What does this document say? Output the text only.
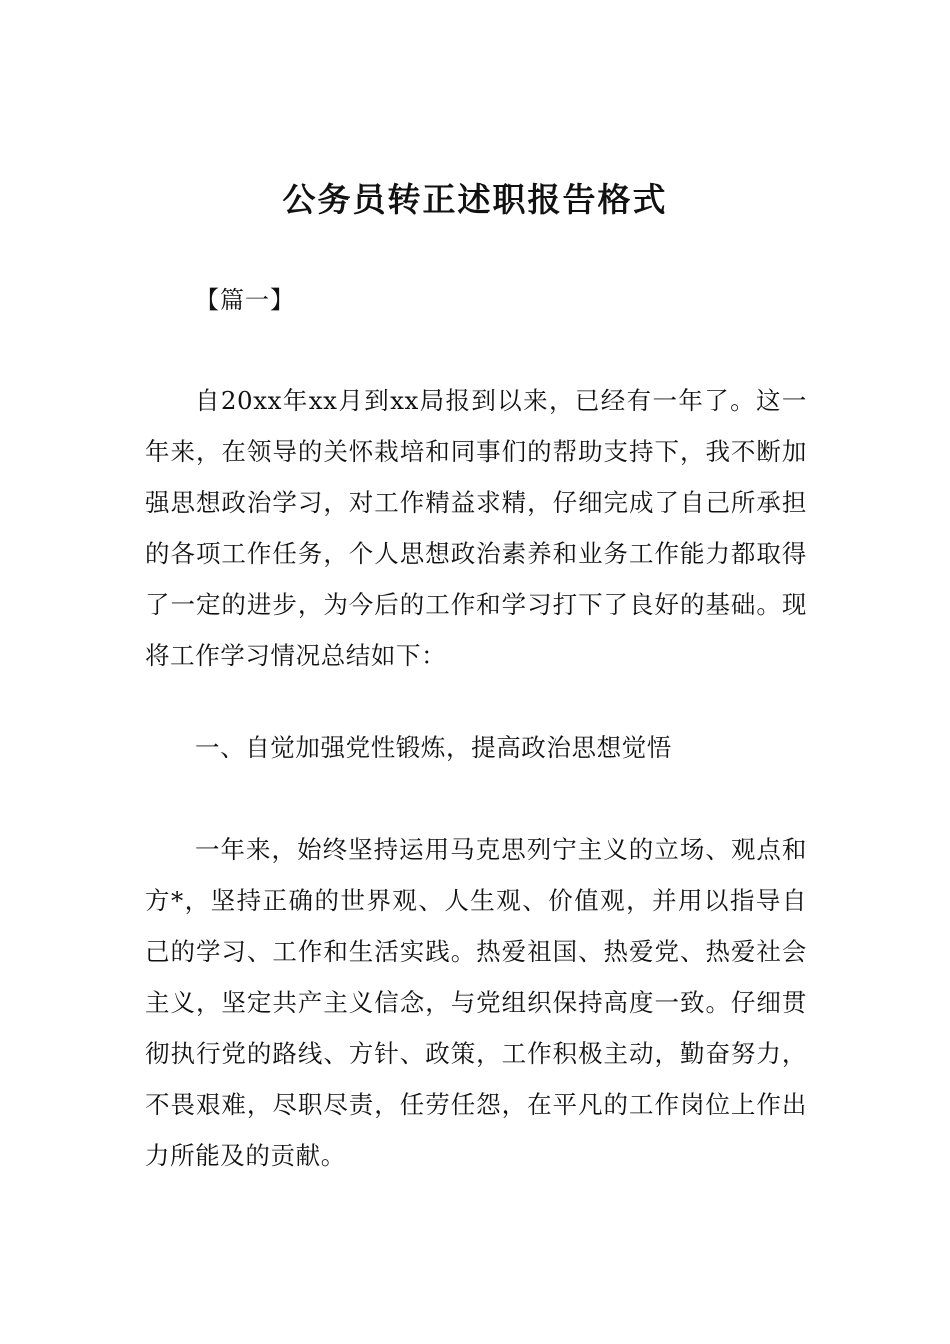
公务员转正述职报告格式
【篇一】

自20xx年xx月到xx局报到以来，已经有一年了。这一年来，在领导的关怀栽培和同事们的帮助支持下，我不断加强思想政治学习，对工作精益求精，仔细完成了自己所承担的各项工作任务，个人思想政治素养和业务工作能力都取得了一定的进步，为今后的工作和学习打下了良好的基础。现将工作学习情况总结如下：

一、自觉加强党性锻炼，提高政治思想觉悟

一年来，始终坚持运用马克思列宁主义的立场、观点和方*，坚持正确的世界观、人生观、价值观，并用以指导自己的学习、工作和生活实践。热爱祖国、热爱党、热爱社会主义，坚定共产主义信念，与党组织保持高度一致。仔细贯彻执行党的路线、方针、政策，工作积极主动，勤奋努力，不畏艰难，尽职尽责，任劳任怨，在平凡的工作岗位上作出力所能及的贡献。
